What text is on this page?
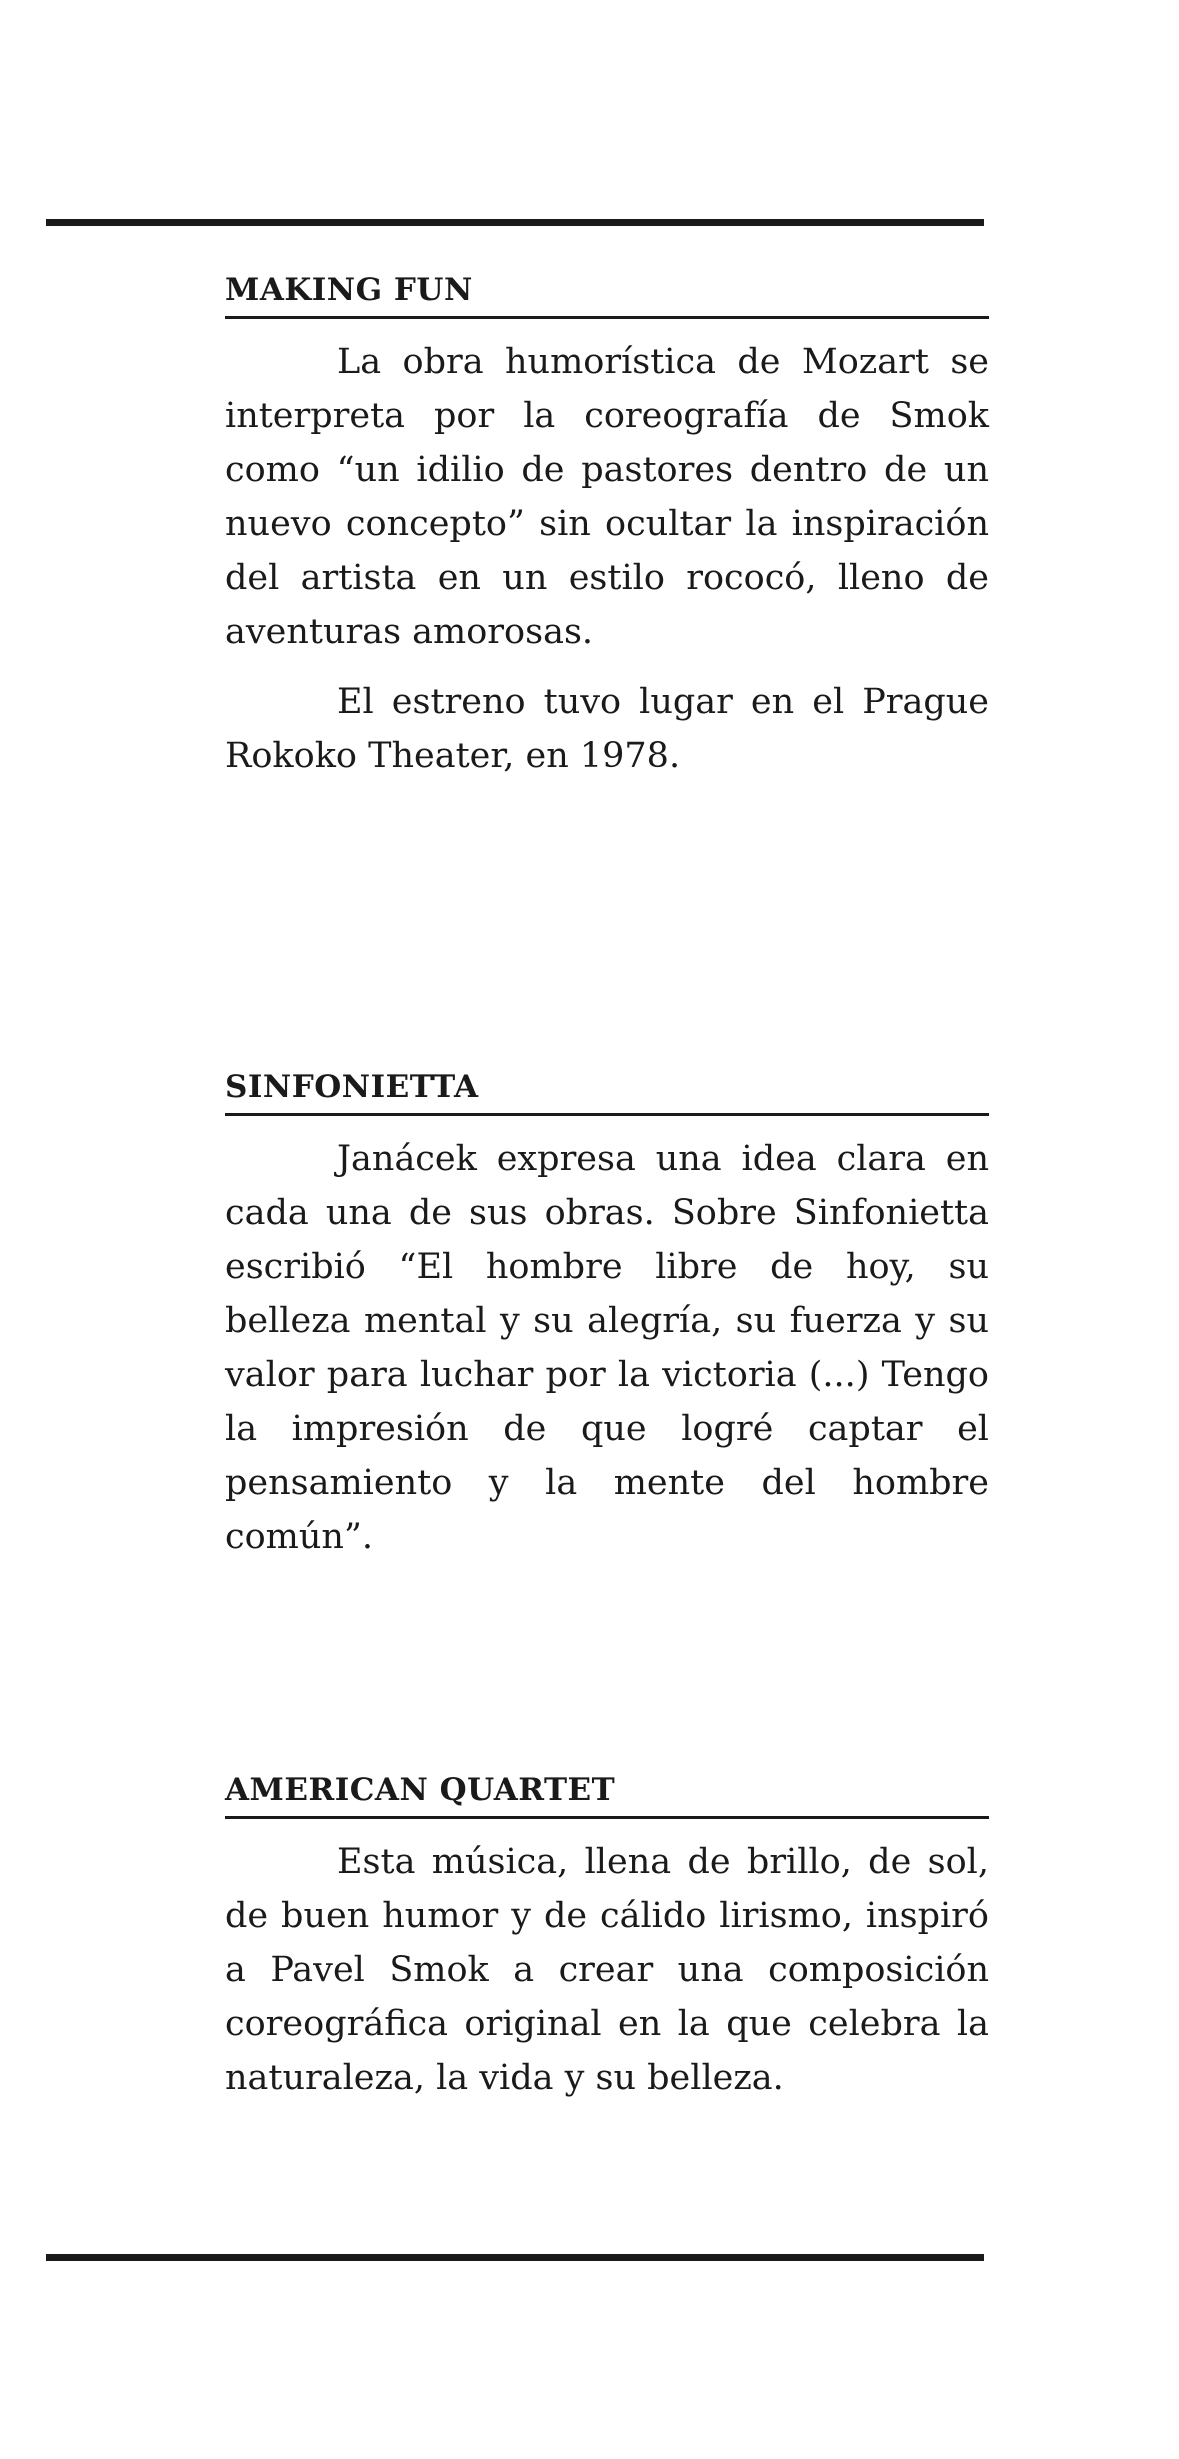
MAKING FUN

La obra humorística de Mozart se interpreta por la coreografía de Smok como “un idilio de pastores dentro de un nuevo concepto” sin ocultar la inspiración del artista en un estilo rococó, lleno de aventuras amorosas.

El estreno tuvo lugar en el Prague Rokoko Theater, en 1978.

SINFONIETTA

Janácek expresa una idea clara en cada una de sus obras. Sobre Sinfonietta escribió “El hombre libre de hoy, su belleza mental y su alegría, su fuerza y su valor para luchar por la victoria (...) Tengo la impresión de que logré captar el pensamiento y la mente del hombre común”.

AMERICAN QUARTET

Esta música, llena de brillo, de sol, de buen humor y de cálido lirismo, inspiró a Pavel Smok a crear una composición coreográfica original en la que celebra la naturaleza, la vida y su belleza.
